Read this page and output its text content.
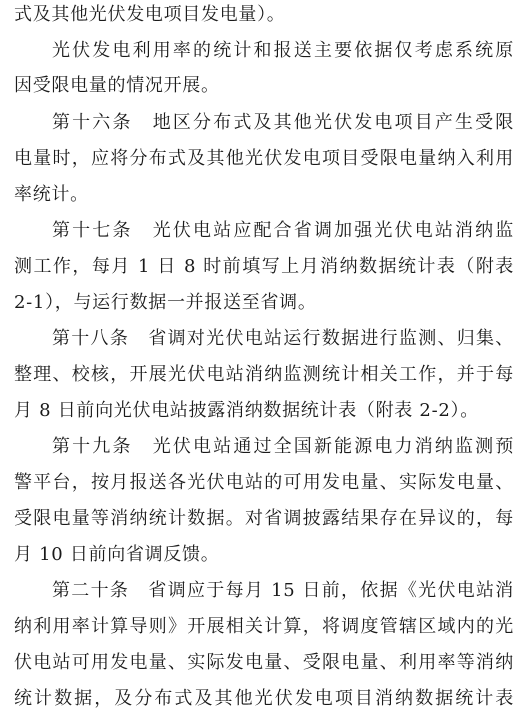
式及其他光伏发电项目发电量）。
光伏发电利用率的统计和报送主要依据仅考虑系统原
因受限电量的情况开展。
第十六条　地区分布式及其他光伏发电项目产生受限
电量时，应将分布式及其他光伏发电项目受限电量纳入利用
率统计。
第十七条　光伏电站应配合省调加强光伏电站消纳监
测工作，每月 1 日 8 时前填写上月消纳数据统计表（附表
2-1），与运行数据一并报送至省调。
第十八条　省调对光伏电站运行数据进行监测、归集、
整理、校核，开展光伏电站消纳监测统计相关工作，并于每
月 8 日前向光伏电站披露消纳数据统计表（附表 2-2）。
第十九条　光伏电站通过全国新能源电力消纳监测预
警平台，按月报送各光伏电站的可用发电量、实际发电量、
受限电量等消纳统计数据。对省调披露结果存在异议的，每
月 10 日前向省调反馈。
第二十条　省调应于每月 15 日前，依据《光伏电站消
纳利用率计算导则》开展相关计算，将调度管辖区域内的光
伏电站可用发电量、实际发电量、受限电量、利用率等消纳
统计数据，及分布式及其他光伏发电项目消纳数据统计表
